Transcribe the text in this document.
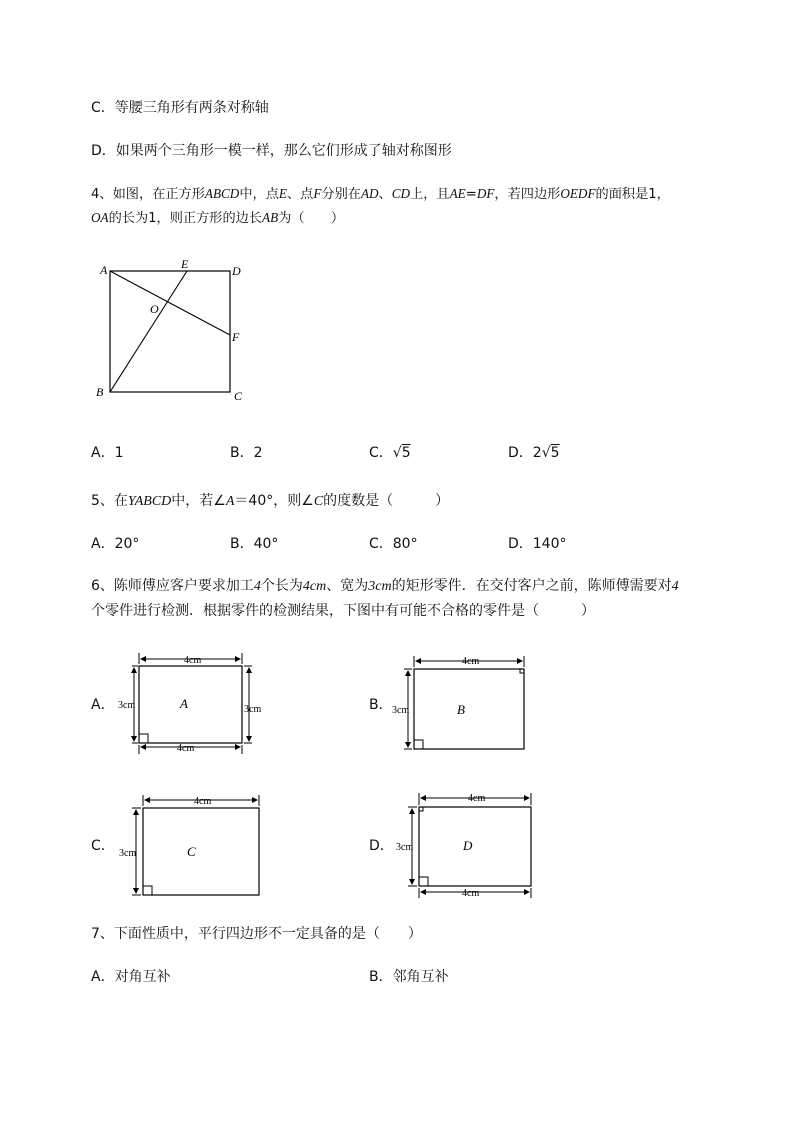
C．等腰三角形有两条对称轴
D．如果两个三角形一模一样，那么它们形成了轴对称图形
4、如图，在正方形ABCD中，点E、点F分别在AD、CD上，且AE=DF，若四边形OEDF的面积是1，
OA的长为1，则正方形的边长AB为（　　）
A	E	D
O
F
B	C
A．1	B．2	C．√5	D．2√5
5、在YABCD中，若∠A＝40°，则∠C的度数是（　　　）
A．20°	B．40°	C．80°	D．140°
6、陈师傅应客户要求加工4个长为4cm、宽为3cm的矩形零件．在交付客户之前，陈师傅需要对4
个零件进行检测．根据零件的检测结果，下图中有可能不合格的零件是（　　　）
A．
4cm
4cm
3cm	3cm
A	B．
4cm
3cm	B
C．
4cm
3cm	C	D．
4cm
4cm
3cm	D
7、下面性质中，平行四边形不一定具备的是（　　）
A．对角互补	B．邻角互补
